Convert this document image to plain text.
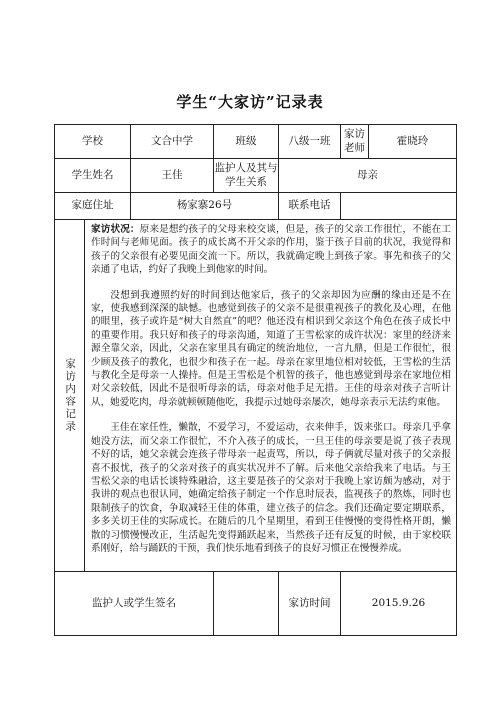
学生“大家访”记录表
学校		文合中学	班级	八级一班	家访老师	霍晓玲
学生姓名		王佳	监护人及其与学生关系	母亲		
家庭住址		杨家寨26号		联系电话		

家访内容记录	家访状况：原来是想约孩子的父母来校交谈，但是，孩子的父亲工作很忙，不能在工作时间与老师见面。孩子的成长离不开父亲的作用，鉴于孩子目前的状况，我觉得和孩子的父亲很有必要见面交流一下。所以，我就确定晚上到孩子家。事先和孩子的父亲通了电话，约好了我晚上到他家的时间。

没想到我遵照约好的时间到达他家后，孩子的父亲却因为应酬的缘由还是不在家，使我感到深深的缺憾。也感觉到孩子的父亲不是很重视孩子的教化及心理，在他的眼里，孩子或许是“树大自然直”的吧？他还没有相识到父亲这个角色在孩子成长中的重要作用。我只好和孩子的母亲沟通，知道了王雪松家的成许状况：家里的经济来源全靠父亲，因此，父亲在家里具有确定的统治地位，一言九鼎，但是工作很忙，很少顾及孩子的教化，也很少和孩子在一起。母亲在家里地位相对较低，王雪松的生活与教化全是母亲一人操持。但是王雪松是个机智的孩子，他也感觉到母亲在家地位相对父亲较低，因此不是很听母亲的话，母亲对他手足无措。王佳的母亲对孩子言听计从，她爱吃肉，母亲就顿顿随他吃，我提示过她母亲屡次，她母亲表示无法约束他。

王佳在家任性，懒散，不爱学习，不爱运动，衣来伸手，饭来张口。母亲几乎拿她没方法，而父亲工作很忙，不介入孩子的成长，一旦王佳的母亲要是说了孩子表现不好的话，她父亲就会连孩子带母亲一起责骂，所以，母子俩就尽量对孩子的父亲报喜不报忧，孩子的父亲对孩子的真实状况并不了解。后来他父亲给我来了电话。与王雪松父亲的电话长谈特殊融洽，这主要是孩子的父亲对于我晚上家访颇为感动，对于我讲的观点也很认同，她确定给孩子制定一个作息时辰表，监视孩子的熬炼，同时也限制孩子的饮食，争取减轻王佳的体重，建立孩子的信念。我们还确定要定期联系，多多关切王佳的实际成长。在随后的几个星期里，看到王佳慢慢的变得性格开朗，懒散的习惯慢慢改正，生活起先变得踊跃起来，当然孩子还有反复的时候，由于家校联系刚好，给与踊跃的干预，我们快乐地看到孩子的良好习惯正在慢慢养成。					

监护人或学生签名				家访时间	2015.9.26	
